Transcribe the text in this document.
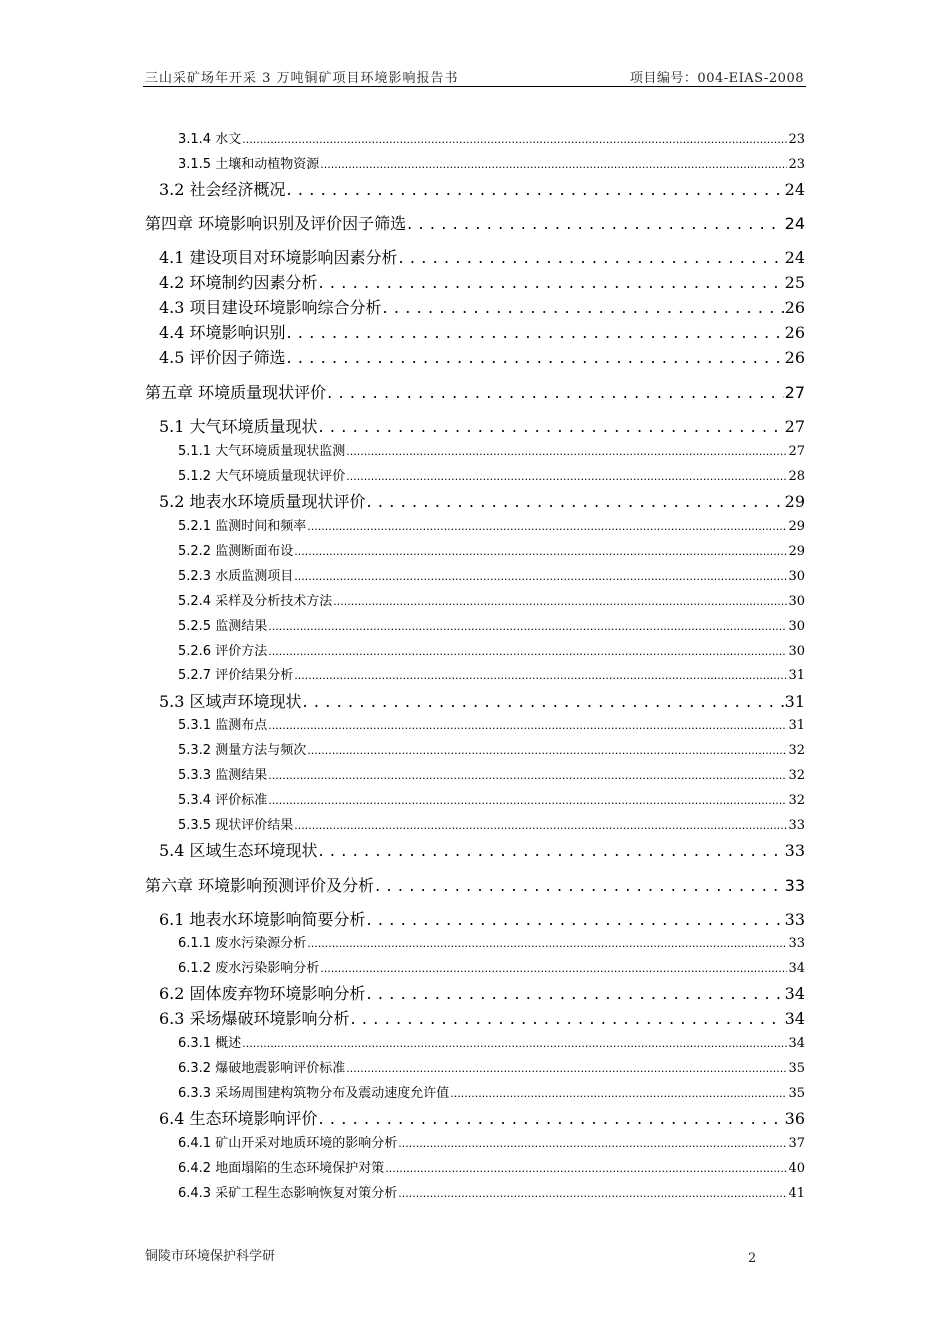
三山采矿场年开采 3 万吨铜矿项目环境影响报告书	项目编号：004-EIAS-2008
3.1.4 水文 .....	23
3.1.5 土壤和动植物资源 .....	23
3.2 社会经济概况 . . .	24
第四章 环境影响识别及评价因子筛选 . . .	24
4.1 建设项目对环境影响因素分析 . . .	24
4.2 环境制约因素分析 . . .	25
4.3 项目建设环境影响综合分析 . . .	26
4.4 环境影响识别 . . .	26
4.5 评价因子筛选 . . .	26
第五章 环境质量现状评价 . . .	27
5.1 大气环境质量现状 . . .	27
5.1.1 大气环境质量现状监测 .....	27
5.1.2 大气环境质量现状评价 .....	28
5.2 地表水环境质量现状评价 . . .	29
5.2.1 监测时间和频率 .....	29
5.2.2 监测断面布设 .....	29
5.2.3 水质监测项目 .....	30
5.2.4 采样及分析技术方法 .....	30
5.2.5 监测结果 .....	30
5.2.6 评价方法 .....	30
5.2.7 评价结果分析 .....	31
5.3 区域声环境现状 . . .	31
5.3.1 监测布点 .....	31
5.3.2 测量方法与频次 .....	32
5.3.3 监测结果 .....	32
5.3.4 评价标准 .....	32
5.3.5 现状评价结果 .....	33
5.4 区域生态环境现状 . . .	33
第六章 环境影响预测评价及分析 . . .	33
6.1 地表水环境影响简要分析 . . .	33
6.1.1 废水污染源分析 .....	33
6.1.2 废水污染影响分析 .....	34
6.2 固体废弃物环境影响分析 . . .	34
6.3 采场爆破环境影响分析 . . .	34
6.3.1 概述 .....	34
6.3.2 爆破地震影响评价标准 .....	35
6.3.3 采场周围建构筑物分布及震动速度允许值 .....	35
6.4 生态环境影响评价 . . .	36
6.4.1 矿山开采对地质环境的影响分析 .....	37
6.4.2 地面塌陷的生态环境保护对策 .....	40
6.4.3 采矿工程生态影响恢复对策分析 .....	41
铜陵市环境保护科学研	2
